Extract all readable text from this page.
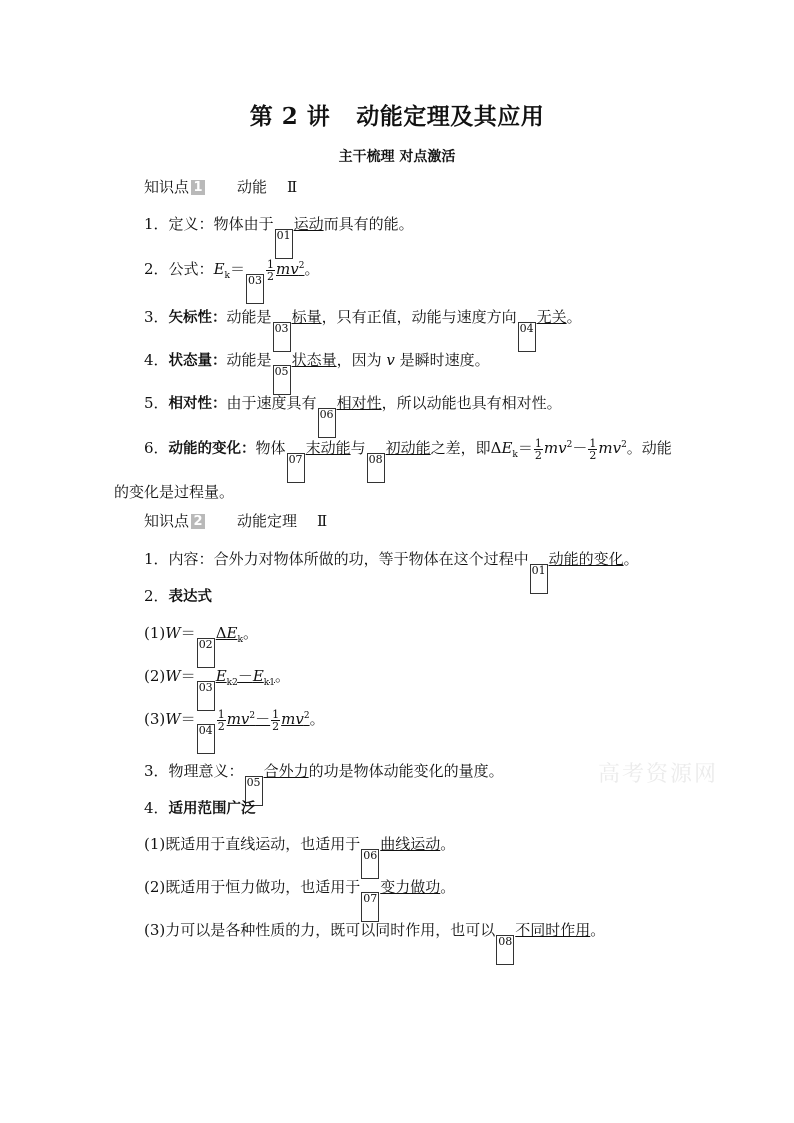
第 2 讲 动能定理及其应用
主干梳理 对点激活
知识点 1 动能 Ⅱ
1．定义：物体由于01运动而具有的能。
2．公式：$E_k=03 \frac{1}{2} mv^2$。
3．矢标性：动能是03标量，只有正值，动能与速度方向04无关。
4．状态量：动能是05状态量，因为 v 是瞬时速度。
5．相对性：由于速度具有06相对性，所以动能也具有相对性。
6．动能的变化：物体07末动能与08初动能之差，即$\Delta E_k= \frac{1}{2} mv^2- \frac{1}{2} mv^2$。动能
的变化是过程量。
知识点 2 动能定理 Ⅱ
1．内容：合外力对物体所做的功，等于物体在这个过程中01动能的变化。
2．表达式
$(1)W=02\Delta E_k$。
$(2)W=03E_{k2}-E_{k1}$。
$(3)W=04 \frac{1}{2} mv^2- \frac{1}{2} mv^2$。
3．物理意义：05合外力的功是物体动能变化的量度。
4．适用范围广泛
(1)既适用于直线运动，也适用于06曲线运动。
(2)既适用于恒力做功，也适用于07变力做功。
(3)力可以是各种性质的力，既可以同时作用，也可以08不同时作用。
高考资源网
